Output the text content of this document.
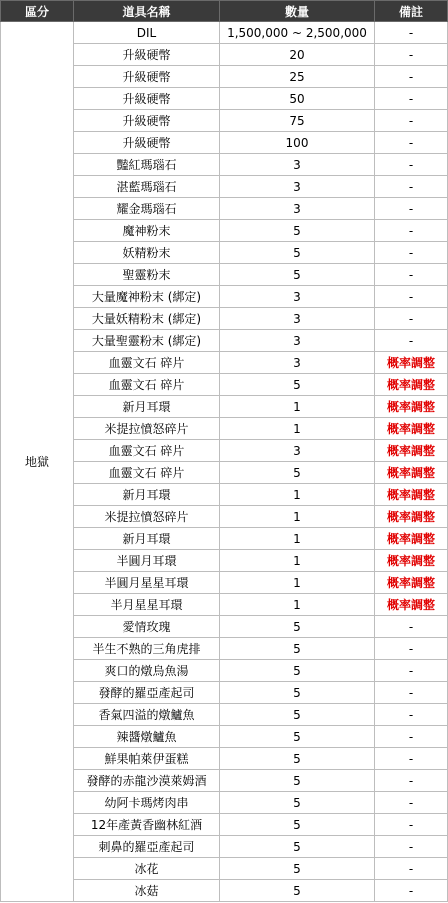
區分	道具名稱	數量	備註
地獄	DIL	1,500,000 ~ 2,500,000	-
	升級硬幣	20	-
	升級硬幣	25	-
	升級硬幣	50	-
	升級硬幣	75	-
	升級硬幣	100	-
	豔紅瑪瑙石	3	-
	湛藍瑪瑙石	3	-
	耀金瑪瑙石	3	-
	魔神粉末	5	-
	妖精粉末	5	-
	聖靈粉末	5	-
	大量魔神粉末 (綁定)	3	-
	大量妖精粉末 (綁定)	3	-
	大量聖靈粉末 (綁定)	3	-
	血靈文石 碎片	3	概率調整
	血靈文石 碎片	5	概率調整
	新月耳環	1	概率調整
	米提拉憤怒碎片	1	概率調整
	血靈文石 碎片	3	概率調整
	血靈文石 碎片	5	概率調整
	新月耳環	1	概率調整
	米提拉憤怒碎片	1	概率調整
	新月耳環	1	概率調整
	半圓月耳環	1	概率調整
	半圓月星星耳環	1	概率調整
	半月星星耳環	1	概率調整
	愛情玫瑰	5	-
	半生不熟的三角虎排	5	-
	爽口的燉烏魚湯	5	-
	發酵的羅亞產起司	5	-
	香氣四溢的燉鱸魚	5	-
	辣醬燉鱸魚	5	-
	鮮果帕萊伊蛋糕	5	-
	發酵的赤龍沙漠萊姆酒	5	-
	幼阿卡瑪烤肉串	5	-
	12年產黃香幽林紅酒	5	-
	刺鼻的羅亞產起司	5	-
	冰花	5	-
	冰菇	5	-
